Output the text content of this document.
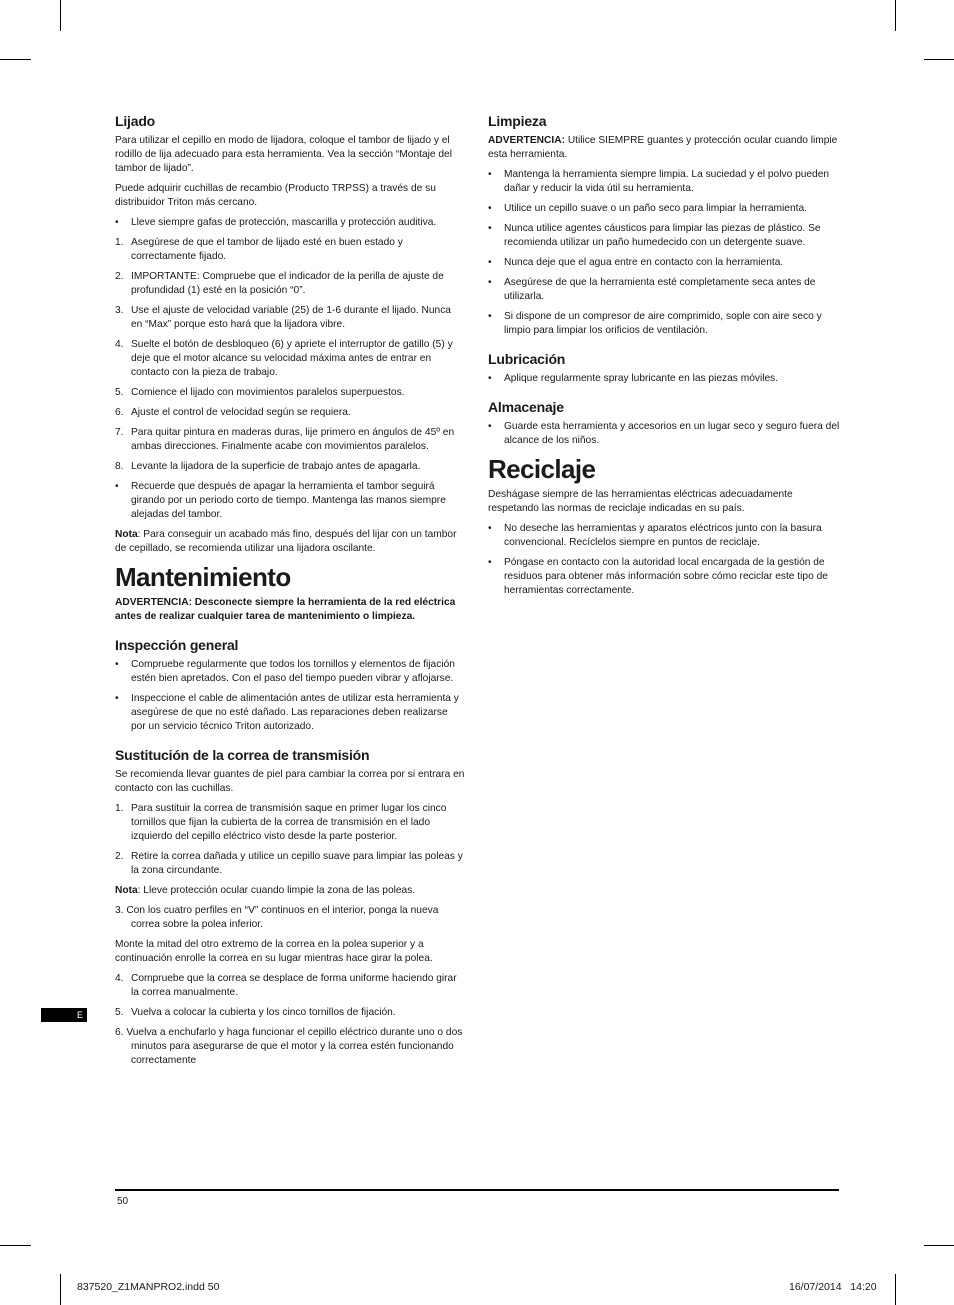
Lijado

Para utilizar el cepillo en modo de lijadora, coloque el tambor de lijado y el rodillo de lija adecuado para esta herramienta. Vea la sección “Montaje del tambor de lijado”.

Puede adquirir cuchillas de recambio (Producto TRPSS) a través de su distribuidor Triton más cercano.

• Lleve siempre gafas de protección, mascarilla y protección auditiva.
1. Asegúrese de que el tambor de lijado esté en buen estado y correctamente fijado.
2. IMPORTANTE: Compruebe que el indicador de la perilla de ajuste de profundidad (1) esté en la posición “0”.
3. Use el ajuste de velocidad variable (25) de 1-6 durante el lijado. Nunca en “Max” porque esto hará que la lijadora vibre.
4. Suelte el botón de desbloqueo (6) y apriete el interruptor de gatillo (5) y deje que el motor alcance su velocidad máxima antes de entrar en contacto con la pieza de trabajo.
5. Comience el lijado con movimientos paralelos superpuestos.
6. Ajuste el control de velocidad según se requiera.
7. Para quitar pintura en maderas duras, lije primero en ángulos de 45º en ambas direcciones. Finalmente acabe con movimientos paralelos.
8. Levante la lijadora de la superficie de trabajo antes de apagarla.
• Recuerde que después de apagar la herramienta el tambor seguirá girando por un periodo corto de tiempo. Mantenga las manos siempre alejadas del tambor.

Nota: Para conseguir un acabado más fino, después del lijar con un tambor de cepillado, se recomienda utilizar una lijadora oscilante.

Mantenimiento

ADVERTENCIA: Desconecte siempre la herramienta de la red eléctrica antes de realizar cualquier tarea de mantenimiento o limpieza.

Inspección general
• Compruebe regularmente que todos los tornillos y elementos de fijación estén bien apretados. Con el paso del tiempo pueden vibrar y aflojarse.
• Inspeccione el cable de alimentación antes de utilizar esta herramienta y asegúrese de que no esté dañado. Las reparaciones deben realizarse por un servicio técnico Triton autorizado.
Sustitución de la correa de transmisión

Se recomienda llevar guantes de piel para cambiar la correa por si entrara en contacto con las cuchillas.

1. Para sustituir la correa de transmisión saque en primer lugar los cinco tornillos que fijan la cubierta de la correa de transmisión en el lado izquierdo del cepillo eléctrico visto desde la parte posterior.
2. Retire la correa dañada y utilice un cepillo suave para limpiar las poleas y la zona circundante.

Nota: Lleve protección ocular cuando limpie la zona de las poleas.

3. Con los cuatro perfiles en “V” continuos en el interior, ponga la nueva correa sobre la polea inferior.

Monte la mitad del otro extremo de la correa en la polea superior y a continuación enrolle la correa en su lugar mientras hace girar la polea.

4. Compruebe que la correa se desplace de forma uniforme haciendo girar la correa manualmente.
5. Vuelva a colocar la cubierta y los cinco tornillos de fijación.

6. Vuelva a enchufarlo y haga funcionar el cepillo eléctrico durante uno o dos minutos para asegurarse de que el motor y la correa estén funcionando correctamente

Limpieza

ADVERTENCIA: Utilice SIEMPRE guantes y protección ocular cuando limpie esta herramienta.

• Mantenga la herramienta siempre limpia. La suciedad y el polvo pueden dañar y reducir la vida útil su herramienta.
• Utilice un cepillo suave o un paño seco para limpiar la herramienta.
• Nunca utilice agentes cáusticos para limpiar las piezas de plástico. Se recomienda utilizar un paño humedecido con un detergente suave.
• Nunca deje que el agua entre en contacto con la herramienta.
• Asegúrese de que la herramienta esté completamente seca antes de utilizarla.
• Si dispone de un compresor de aire comprimido, sople con aire seco y limpio para limpiar los orificios de ventilación.
Lubricación
• Aplique regularmente spray lubricante en las piezas móviles.
Almacenaje
• Guarde esta herramienta y accesorios en un lugar seco y seguro fuera del alcance de los niños.
Reciclaje

Deshágase siempre de las herramientas eléctricas adecuadamente respetando las normas de reciclaje indicadas en su país.

• No deseche las herramientas y aparatos eléctricos junto con la basura convencional. Recíclelos siempre en puntos de reciclaje.
• Póngase en contacto con la autoridad local encargada de la gestión de residuos para obtener más información sobre cómo reciclar este tipo de herramientas correctamente.
E
50
837520_Z1MANPRO2.indd 50	16/07/2014   14:20
